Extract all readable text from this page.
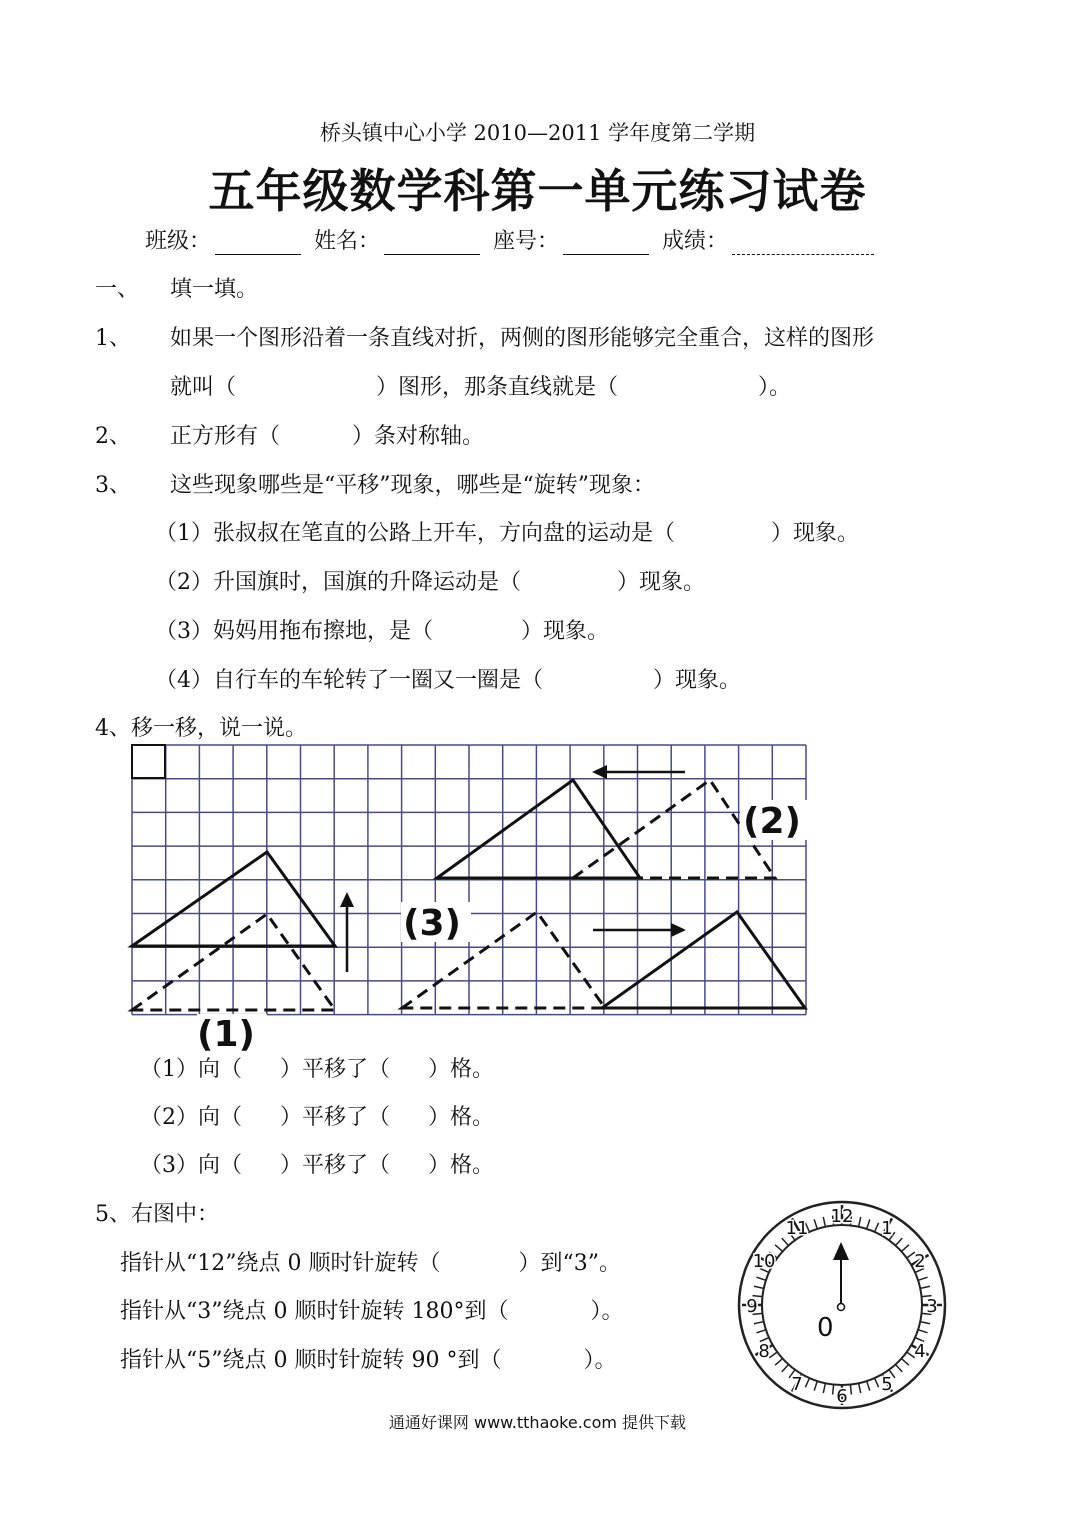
桥头镇中心小学 2010—2011 学年度第二学期
五年级数学科第一单元练习试卷
班级：	姓名：	座号：	成绩：
一、 填一填。
1、 如果一个图形沿着一条直线对折，两侧的图形能够完全重合，这样的图形
就叫（	）图形，那条直线就是（	）。
2、 正方形有（	）条对称轴。
3、 这些现象哪些是“平移”现象，哪些是“旋转”现象：
（1）张叔叔在笔直的公路上开车，方向盘的运动是（	）现象。
（2）升国旗时，国旗的升降运动是（	）现象。
（3）妈妈用拖布擦地，是（	）现象。
（4）自行车的车轮转了一圈又一圈是（	）现象。
4、移一移，说一说。
(1)
(2)
(3)
（1）向（ ）平移了（ ）格。
（2）向（ ）平移了（ ）格。
（3）向（ ）平移了（ ）格。
5、右图中：
指针从“12”绕点 0 顺时针旋转（	）到“3”。
指针从“3”绕点 0 顺时针旋转 180°到（	）。
指针从“5”绕点 0 顺时针旋转 90 °到（	）。
12
1
2
3
4
5
6
7
8
9
10
11
0
通通好课网 www.tthaoke.com 提供下载
